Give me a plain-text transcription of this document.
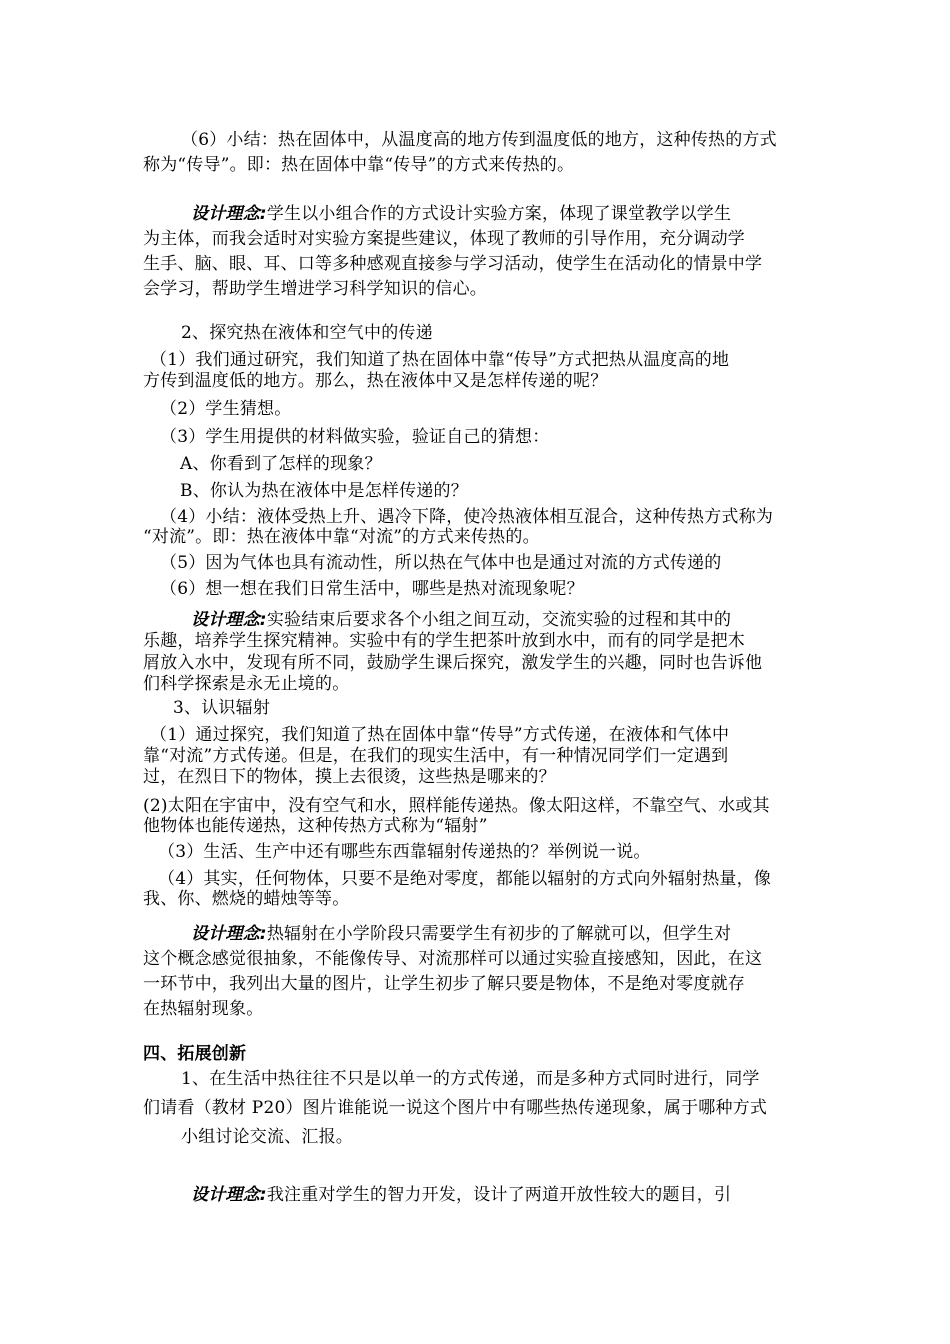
（6）小结：热在固体中，从温度高的地方传到温度低的地方，这种传热的方式
称为“传导”。即：热在固体中靠“传导”的方式来传热的。
设计理念:学生以小组合作的方式设计实验方案，体现了课堂教学以学生
为主体，而我会适时对实验方案提些建议，体现了教师的引导作用，充分调动学
生手、脑、眼、耳、口等多种感观直接参与学习活动，使学生在活动化的情景中学
会学习，帮助学生增进学习科学知识的信心。
2、探究热在液体和空气中的传递
（1）我们通过研究，我们知道了热在固体中靠“传导”方式把热从温度高的地
方传到温度低的地方。那么，热在液体中又是怎样传递的呢？
（2）学生猜想。
（3）学生用提供的材料做实验，验证自己的猜想：
A、你看到了怎样的现象？
B、你认为热在液体中是怎样传递的？
（4）小结：液体受热上升、遇冷下降，使冷热液体相互混合，这种传热方式称为
“对流”。即：热在液体中靠“对流”的方式来传热的。
（5）因为气体也具有流动性，所以热在气体中也是通过对流的方式传递的
（6）想一想在我们日常生活中，哪些是热对流现象呢？
设计理念:实验结束后要求各个小组之间互动，交流实验的过程和其中的
乐趣，培养学生探究精神。实验中有的学生把茶叶放到水中，而有的同学是把木
屑放入水中，发现有所不同，鼓励学生课后探究，激发学生的兴趣，同时也告诉他
们科学探索是永无止境的。
3、认识辐射
（1）通过探究，我们知道了热在固体中靠“传导”方式传递，在液体和气体中
靠“对流”方式传递。但是，在我们的现实生活中，有一种情况同学们一定遇到
过，在烈日下的物体，摸上去很烫，这些热是哪来的？
(2)太阳在宇宙中，没有空气和水，照样能传递热。像太阳这样，不靠空气、水或其
他物体也能传递热，这种传热方式称为“辐射”
（3）生活、生产中还有哪些东西靠辐射传递热的？举例说一说。
（4）其实，任何物体，只要不是绝对零度，都能以辐射的方式向外辐射热量，像
我、你、燃烧的蜡烛等等。
设计理念:热辐射在小学阶段只需要学生有初步的了解就可以，但学生对
这个概念感觉很抽象，不能像传导、对流那样可以通过实验直接感知，因此，在这
一环节中，我列出大量的图片，让学生初步了解只要是物体，不是绝对零度就存
在热辐射现象。
四、拓展创新
1、在生活中热往往不只是以单一的方式传递，而是多种方式同时进行，同学
们请看（教材 P20）图片谁能说一说这个图片中有哪些热传递现象，属于哪种方式
小组讨论交流、汇报。
设计理念:我注重对学生的智力开发，设计了两道开放性较大的题目，引
